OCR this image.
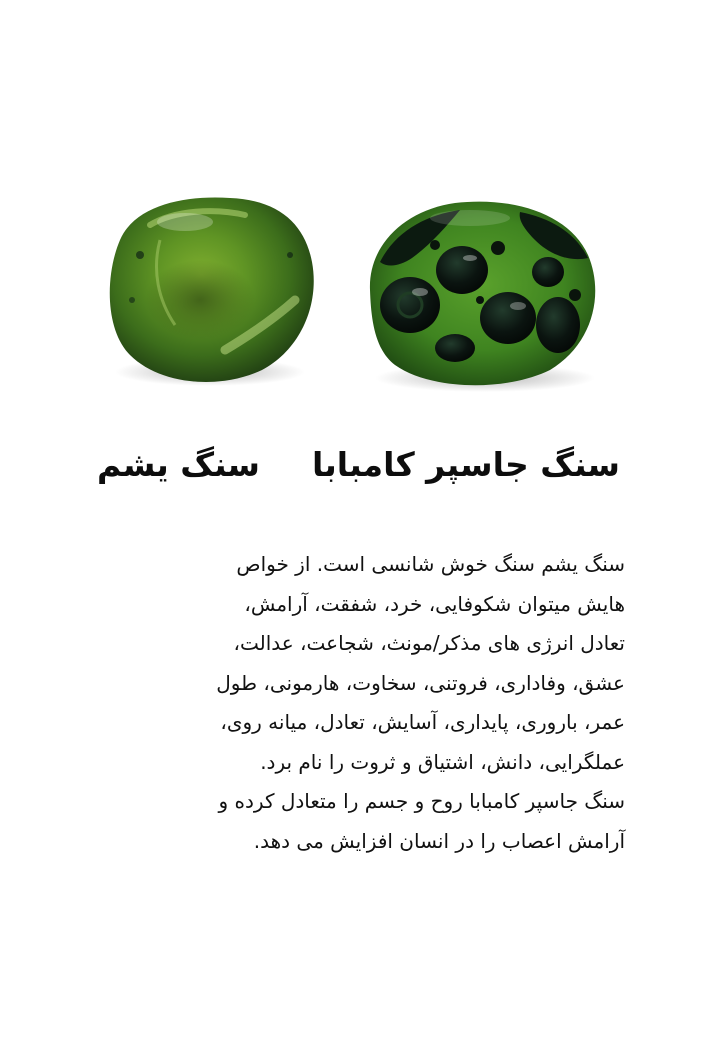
سنگ جاسپر کامبابا
سنگ یشم
سنگ یشم سنگ خوش شانسی است. از خواص
هایش میتوان شکوفایی، خرد، شفقت، آرامش،
تعادل انرژی های مذکر/مونث، شجاعت، عدالت،
عشق، وفاداری، فروتنی، سخاوت، هارمونی، طول
عمر، باروری، پایداری، آسایش، تعادل، میانه روی،
عملگرایی، دانش، اشتیاق و ثروت را نام برد.
سنگ جاسپر کامبابا روح و جسم را متعادل کرده و
آرامش اعصاب را در انسان افزایش می دهد.
